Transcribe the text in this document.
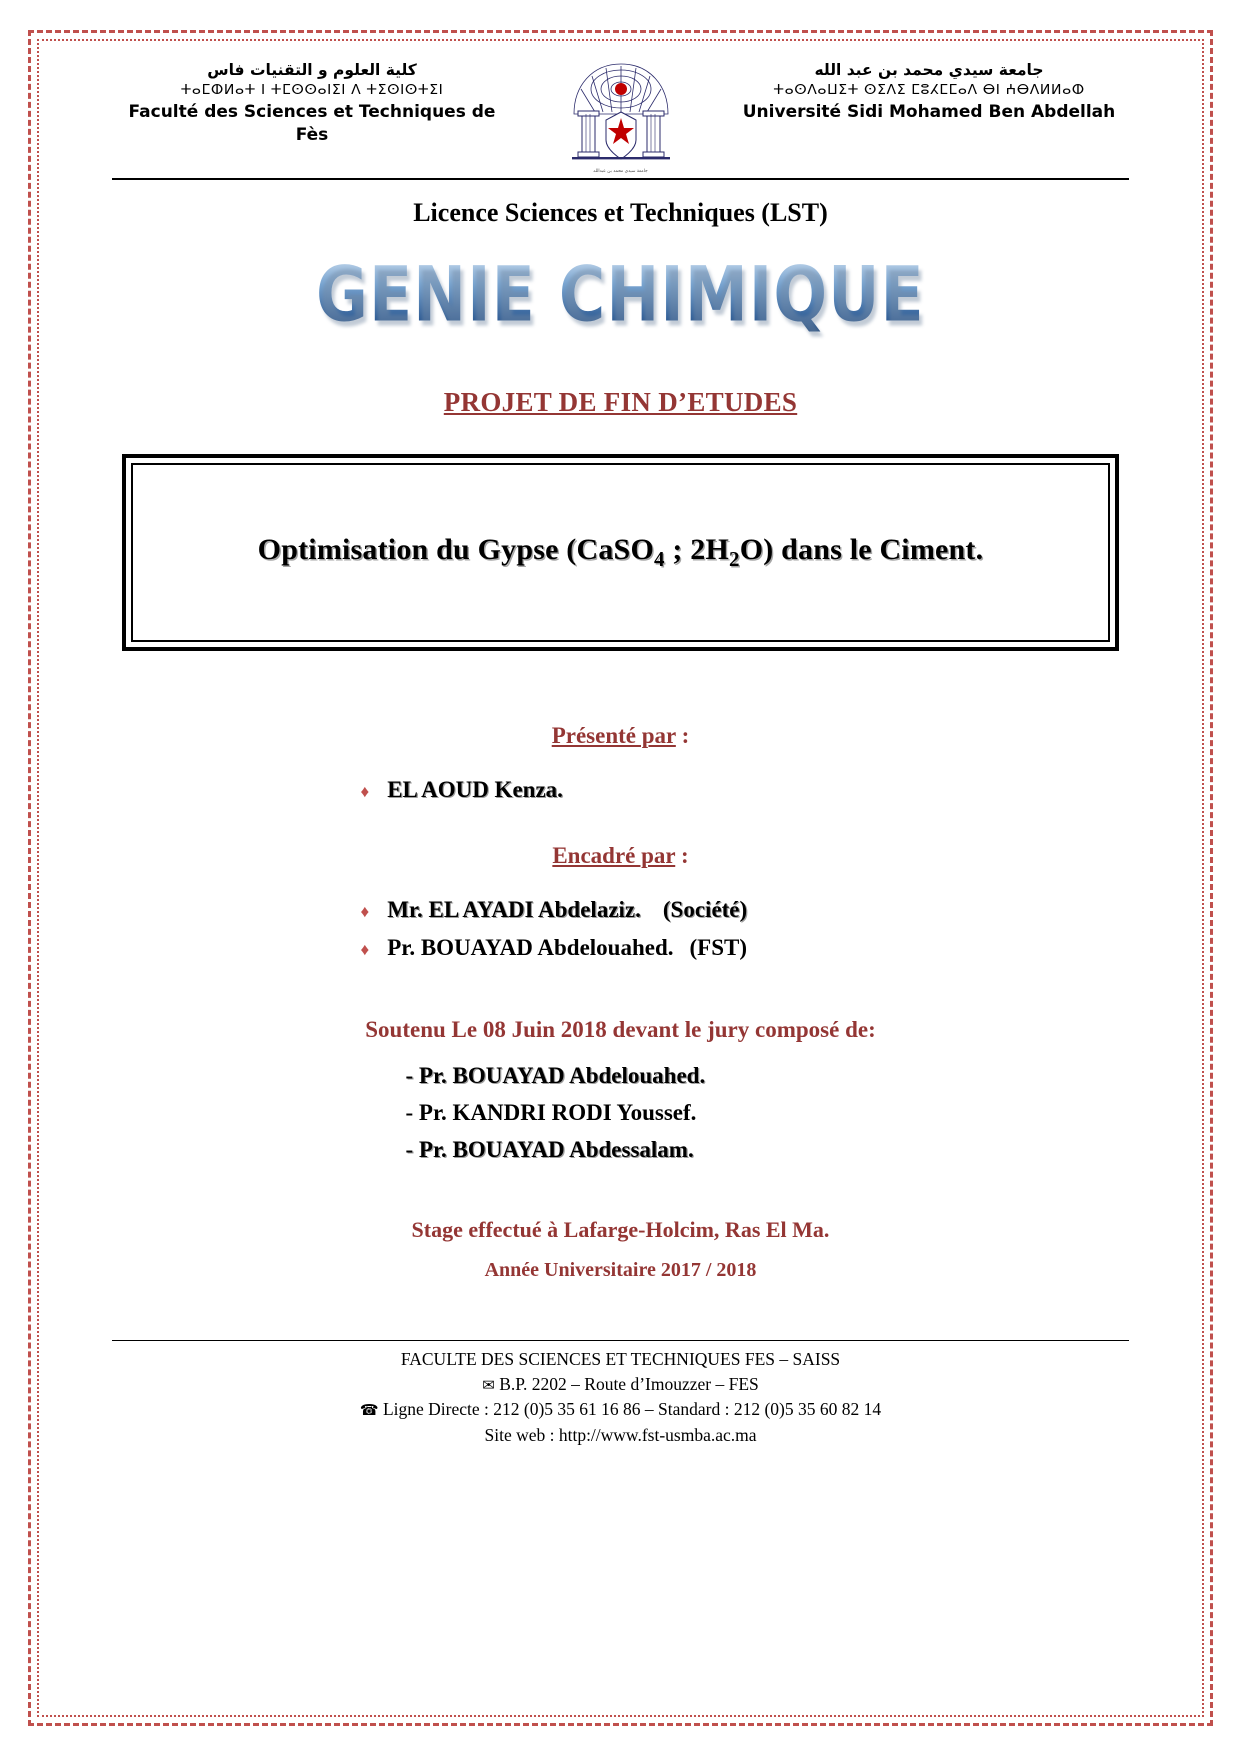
كلية العلوم و التقنيات فاس
ⵜⴰⵎⵀⵍⴰⵜ ⵏ ⵜⵎⵙⵙⴰⵏⵉⵏ ⴷ ⵜⵉⵙⵏⵙⵜⵉⵏ
Faculté des Sciences et Techniques de Fès
جامعة سيدي محمد بن عبدالله
جامعة سيدي محمد بن عبد الله
ⵜⴰⵙⴷⴰⵡⵉⵜ ⵙⵉⴷⵉ ⵎⵓⵃⵎⵎⴰⴷ ⴱⵏ ⵄⴱⴷⵍⵍⴰⵀ
Université Sidi Mohamed Ben Abdellah
Licence Sciences et Techniques (LST)
GENIE CHIMIQUE
PROJET DE FIN D’ETUDES
Optimisation du Gypse (CaSO$_4$ ; $2H_2O$) dans le Ciment.
Présenté par :
♦ EL AOUD Kenza.
Encadré par :
♦ Mr. EL AYADI Abdelaziz. (Société)
♦ Pr. BOUAYAD Abdelouahed. (FST)
Soutenu Le 08 Juin 2018 devant le jury composé de:
- Pr. BOUAYAD Abdelouahed.
- Pr. KANDRI RODI Youssef.
- Pr. BOUAYAD Abdessalam.
Stage effectué à Lafarge-Holcim, Ras El Ma.
Année Universitaire 2017 / 2018
FACULTE DES SCIENCES ET TECHNIQUES FES – SAISS
✉ B.P. 2202 – Route d’Imouzzer – FES
☎ Ligne Directe : 212 (0)5 35 61 16 86 – Standard : 212 (0)5 35 60 82 14
Site web : http://www.fst-usmba.ac.ma
